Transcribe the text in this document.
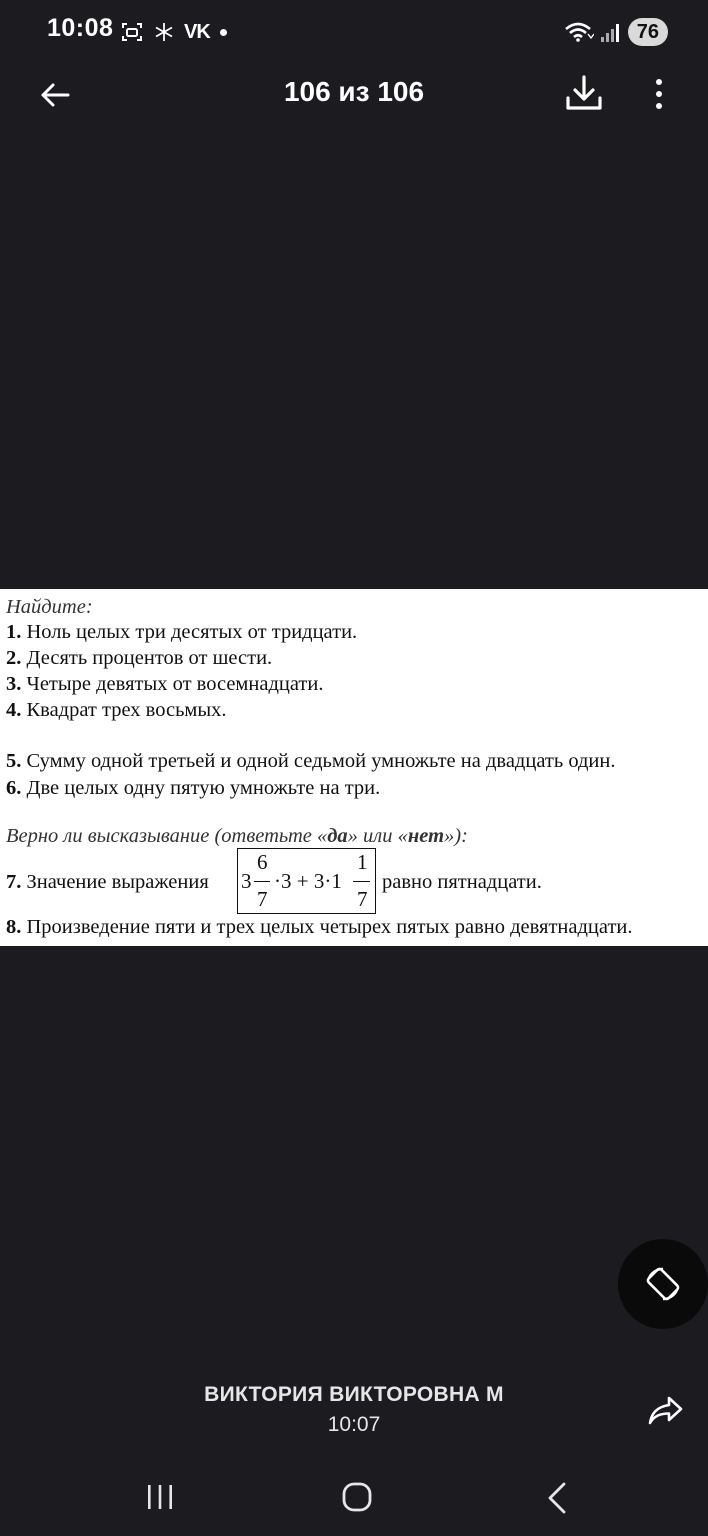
10:08	VK	76
106 из 106
Найдите:
1. Ноль целых три десятых от тридцати.
2. Десять процентов от шести.
3. Четыре девятых от восемнадцати.
4. Квадрат трех восьмых.
5. Сумму одной третьей и одной седьмой умножьте на двадцать один.
6. Две целых одну пятую умножьте на три.
Верно ли высказывание (ответьте «да» или «нет»):
7. Значение выражения 3
6
7
·3 + 3·1
1
7
равно пятнадцати.
8. Произведение пяти и трех целых четырех пятых равно девятнадцати.
ВИКТОРИЯ ВИКТОРОВНА М
10:07
